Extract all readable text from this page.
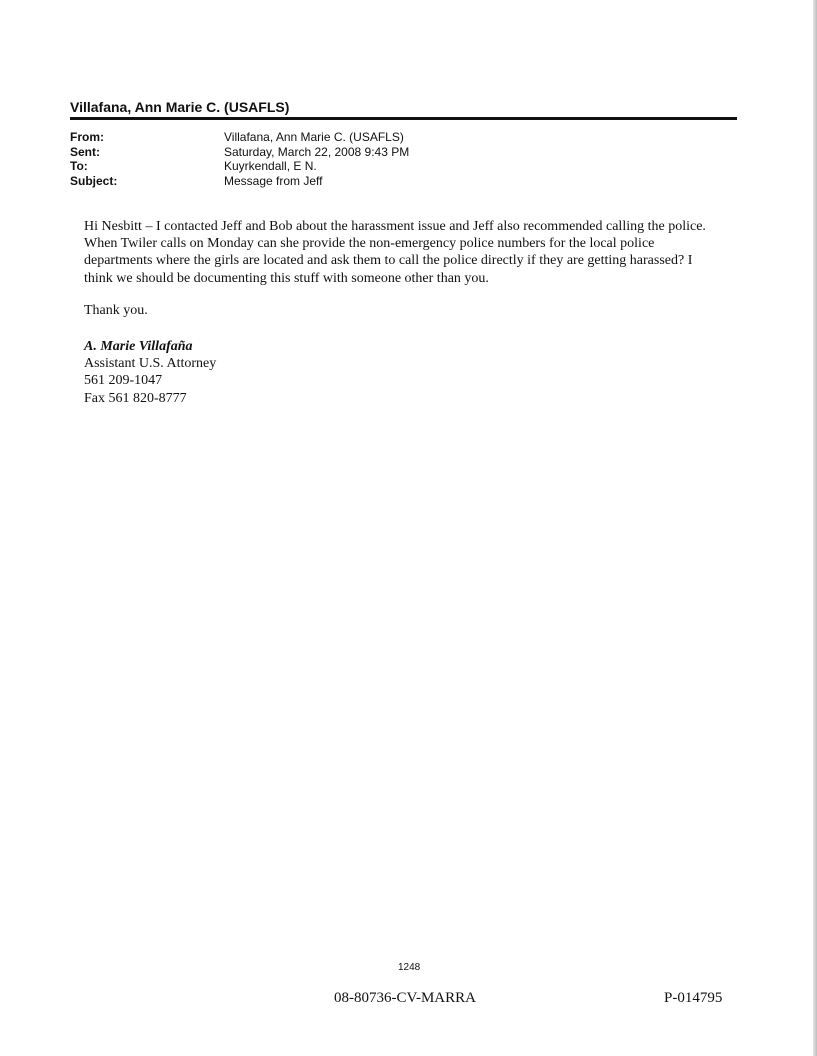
Villafana, Ann Marie C. (USAFLS)
From:	Villafana, Ann Marie C. (USAFLS)
Sent:	Saturday, March 22, 2008 9:43 PM
To:	Kuyrkendall, E N.
Subject:	Message from Jeff
Hi Nesbitt – I contacted Jeff and Bob about the harassment issue and Jeff also recommended calling the police.
When Twiler calls on Monday can she provide the non-emergency police numbers for the local police
departments where the girls are located and ask them to call the police directly if they are getting harassed? I
think we should be documenting this stuff with someone other than you.
Thank you.
A. Marie Villafaña
Assistant U.S. Attorney
561 209-1047
Fax 561 820-8777
1248
08-80736-CV-MARRA	P-014795
